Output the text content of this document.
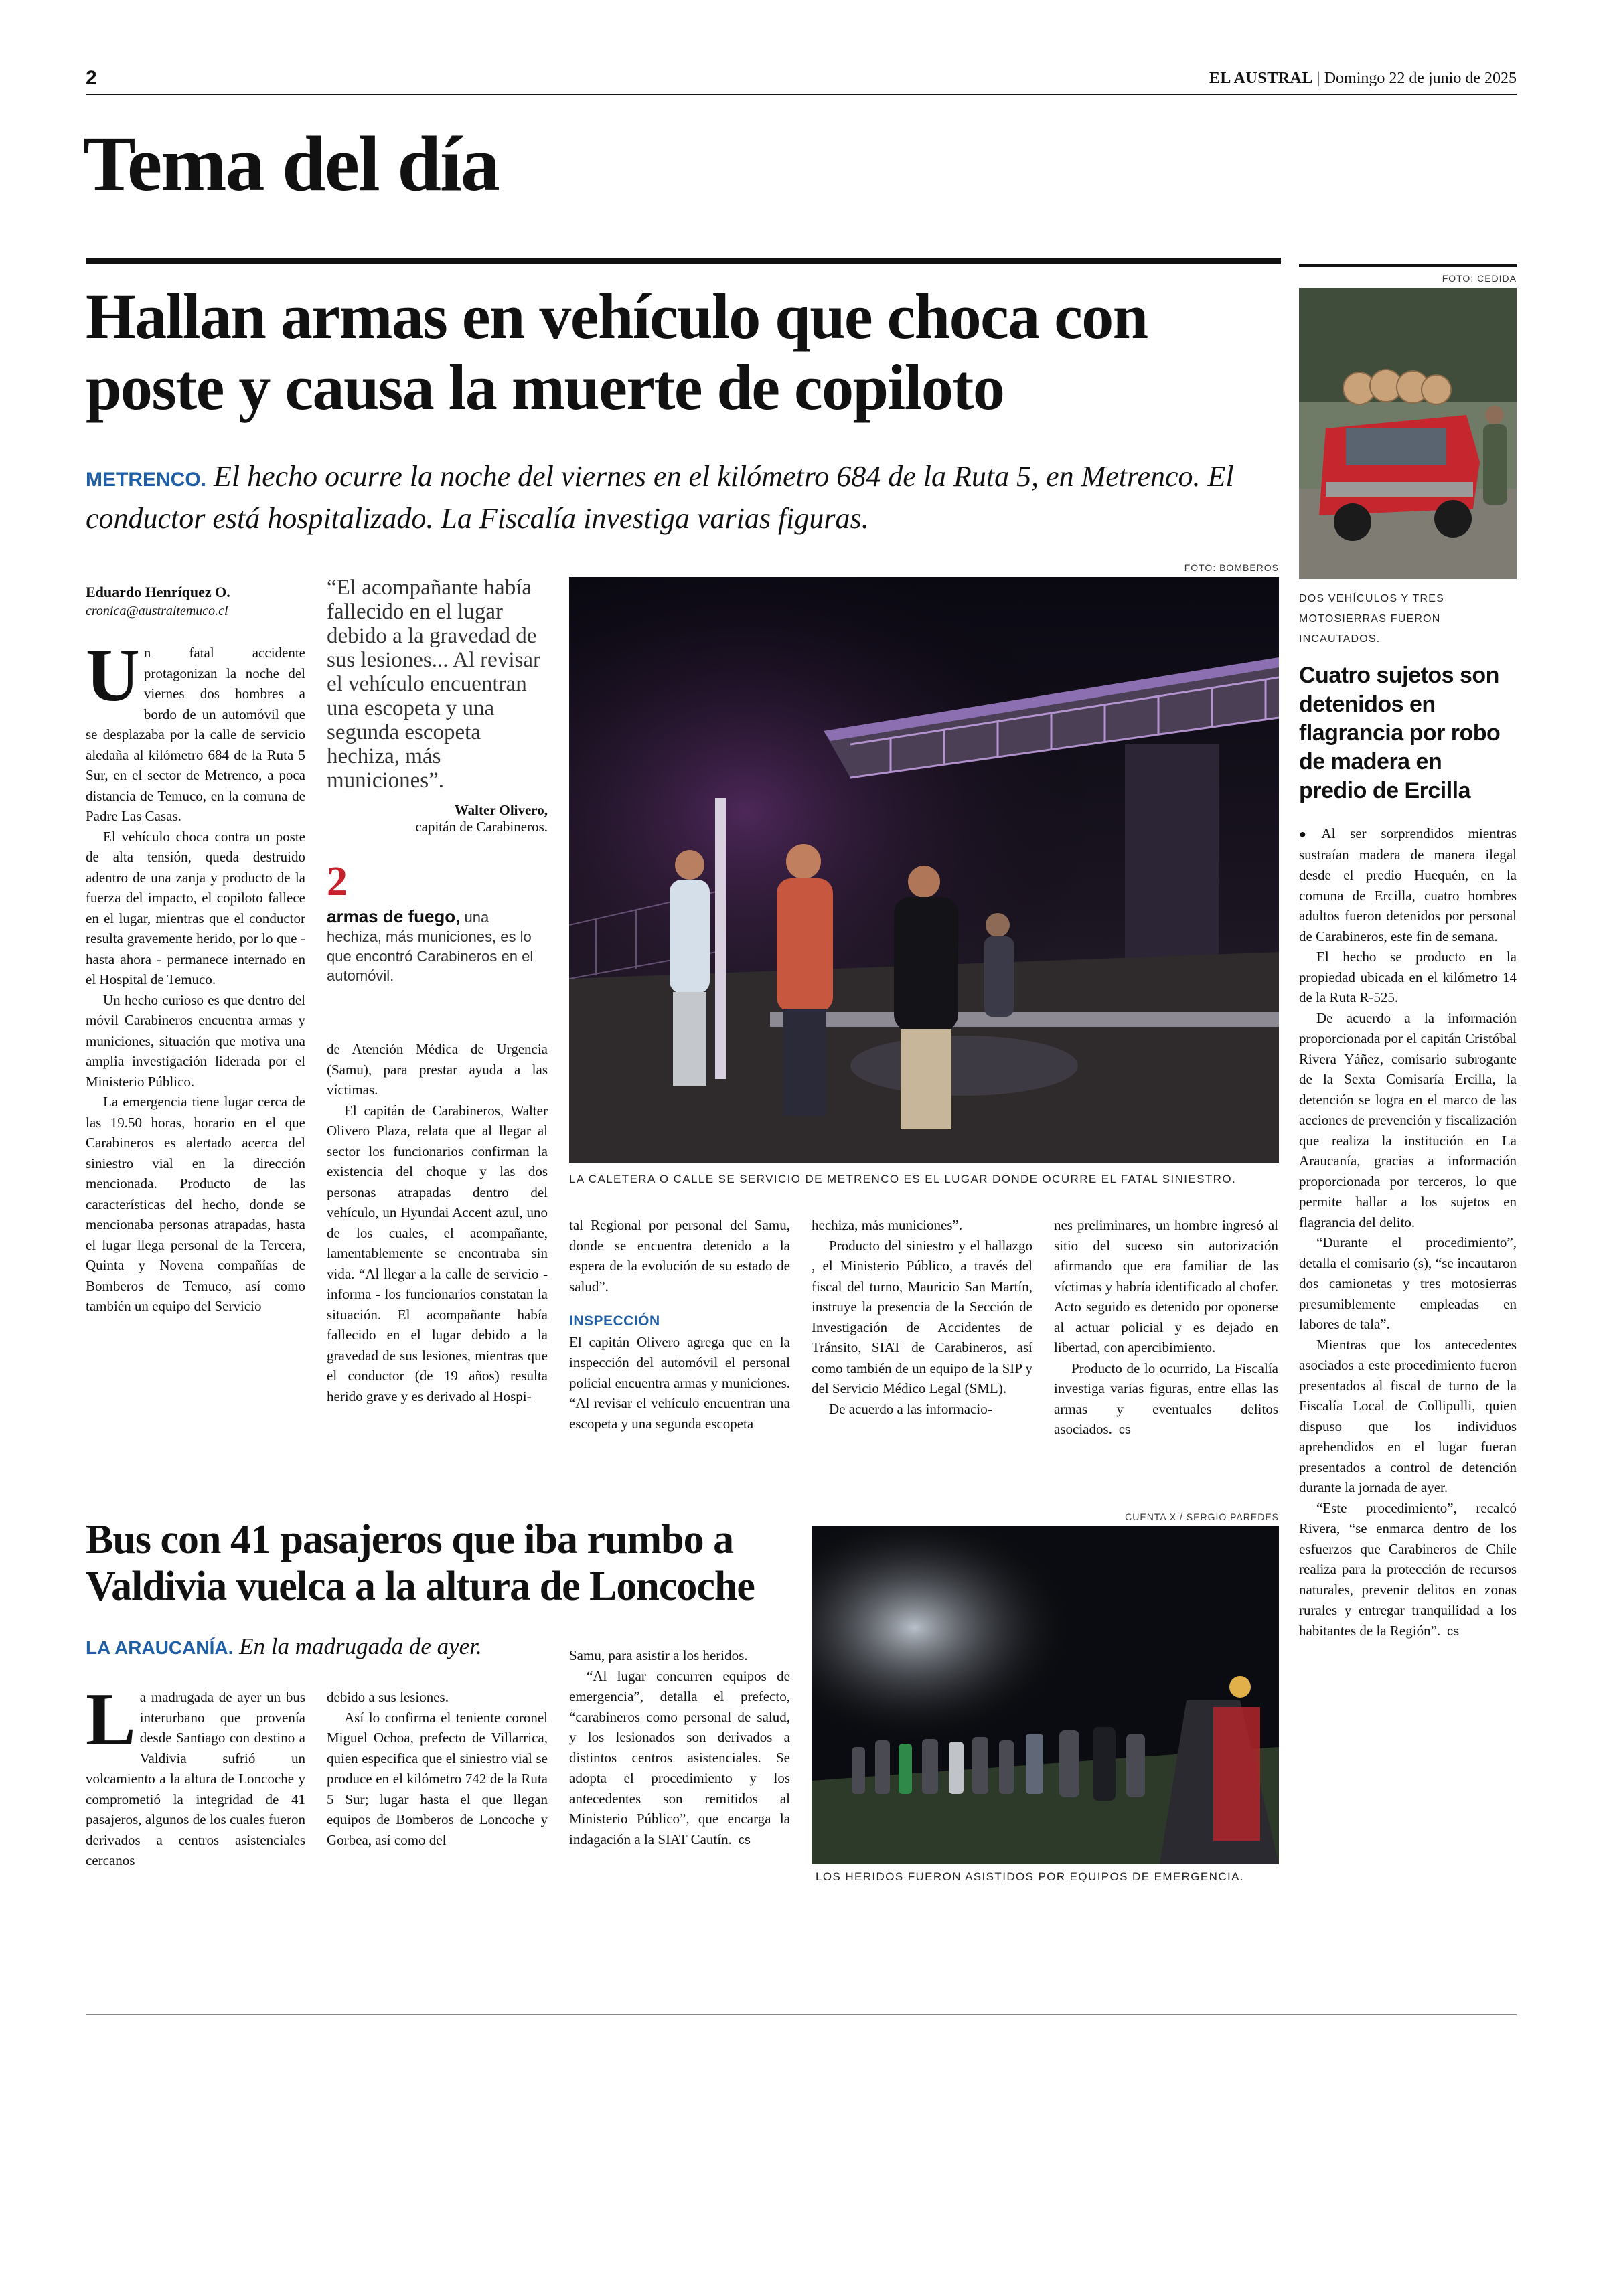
2	EL AUSTRAL | Domingo 22 de junio de 2025
Tema del día
Hallan armas en vehículo que choca con poste y causa la muerte de copiloto
METRENCO. El hecho ocurre la noche del viernes en el kilómetro 684 de la Ruta 5, en Metrenco. El conductor está hospitalizado. La Fiscalía investiga varias figuras.
Eduardo Henríquez O.
cronica@australtemuco.cl

Un fatal accidente protagonizan la noche del viernes dos hombres a bordo de un automóvil que se desplazaba por la calle de servicio aledaña al kilómetro 684 de la Ruta 5 Sur, en el sector de Metrenco, a poca distancia de Temuco, en la comuna de Padre Las Casas.

El vehículo choca contra un poste de alta tensión, queda destruido adentro de una zanja y producto de la fuerza del impacto, el copiloto fallece en el lugar, mientras que el conductor resulta gravemente herido, por lo que - hasta ahora - permanece internado en el Hospital de Temuco.

Un hecho curioso es que dentro del móvil Carabineros encuentra armas y municiones, situación que motiva una amplia investigación liderada por el Ministerio Público.

La emergencia tiene lugar cerca de las 19.50 horas, horario en el que Carabineros es alertado acerca del siniestro vial en la dirección mencionada. Producto de las características del hecho, donde se mencionaba personas atrapadas, hasta el lugar llega personal de la Tercera, Quinta y Novena compañías de Bomberos de Temuco, así como también un equipo del Servicio

“El acompañante había fallecido en el lugar debido a la gravedad de sus lesiones... Al revisar el vehículo encuentran una escopeta y una segunda escopeta hechiza, más municiones”.
Walter Olivero,
capitán de Carabineros.
2
armas de fuego, una hechiza, más municiones, es lo que encontró Carabineros en el automóvil.
FOTO: BOMBEROS
LA CALETERA O CALLE SE SERVICIO DE METRENCO ES EL LUGAR DONDE OCURRE EL FATAL SINIESTRO.

de Atención Médica de Urgencia (Samu), para prestar ayuda a las víctimas.

El capitán de Carabineros, Walter Olivero Plaza, relata que al llegar al sector los funcionarios confirman la existencia del choque y las dos personas atrapadas dentro del vehículo, un Hyundai Accent azul, uno de los cuales, el acompañante, lamentablemente se encontraba sin vida. “Al llegar a la calle de servicio - informa - los funcionarios constatan la situación. El acompañante había fallecido en el lugar debido a la gravedad de sus lesiones, mientras que el conductor (de 19 años) resulta herido grave y es derivado al Hospi-

tal Regional por personal del Samu, donde se encuentra detenido a la espera de la evolución de su estado de salud”.

INSPECCIÓN

El capitán Olivero agrega que en la inspección del automóvil el personal policial encuentra armas y municiones. “Al revisar el vehículo encuentran una escopeta y una segunda escopeta

hechiza, más municiones”.

Producto del siniestro y el hallazgo , el Ministerio Público, a través del fiscal del turno, Mauricio San Martín, instruye la presencia de la Sección de Investigación de Accidentes de Tránsito, SIAT de Carabineros, así como también de un equipo de la SIP y del Servicio Médico Legal (SML).

De acuerdo a las informacio-

nes preliminares, un hombre ingresó al sitio del suceso sin autorización afirmando que era familiar de las víctimas y habría identificado al chofer. Acto seguido es detenido por oponerse al actuar policial y es dejado en libertad, con apercibimiento.

Producto de lo ocurrido, La Fiscalía investiga varias figuras, entre ellas las armas y eventuales delitos asociados. cs

FOTO: CEDIDA
DOS VEHÍCULOS Y TRES MOTOSIERRAS FUERON INCAUTADOS.
Cuatro sujetos son detenidos en flagrancia por robo de madera en predio de Ercilla

● Al ser sorprendidos mientras sustraían madera de manera ilegal desde el predio Huequén, en la comuna de Ercilla, cuatro hombres adultos fueron detenidos por personal de Carabineros, este fin de semana.

El hecho se producto en la propiedad ubicada en el kilómetro 14 de la Ruta R-525.

De acuerdo a la información proporcionada por el capitán Cristóbal Rivera Yáñez, comisario subrogante de la Sexta Comisaría Ercilla, la detención se logra en el marco de las acciones de prevención y fiscalización que realiza la institución en La Araucanía, gracias a información proporcionada por terceros, lo que permite hallar a los sujetos en flagrancia del delito.

“Durante el procedimiento”, detalla el comisario (s), “se incautaron dos camionetas y tres motosierras presumiblemente empleadas en labores de tala”.

Mientras que los antecedentes asociados a este procedimiento fueron presentados al fiscal de turno de la Fiscalía Local de Collipulli, quien dispuso que los individuos aprehendidos en el lugar fueran presentados a control de detención durante la jornada de ayer.

“Este procedimiento”, recalcó Rivera, “se enmarca dentro de los esfuerzos que Carabineros de Chile realiza para la protección de recursos naturales, prevenir delitos en zonas rurales y entregar tranquilidad a los habitantes de la Región”. cs

Bus con 41 pasajeros que iba rumbo a Valdivia vuelca a la altura de Loncoche
LA ARAUCANÍA. En la madrugada de ayer.

La madrugada de ayer un bus interurbano que provenía desde Santiago con destino a Valdivia sufrió un volcamiento a la altura de Loncoche y comprometió la integridad de 41 pasajeros, algunos de los cuales fueron derivados a centros asistenciales cercanos

debido a sus lesiones.

Así lo confirma el teniente coronel Miguel Ochoa, prefecto de Villarrica, quien especifica que el siniestro vial se produce en el kilómetro 742 de la Ruta 5 Sur; lugar hasta el que llegan equipos de Bomberos de Loncoche y Gorbea, así como del

Samu, para asistir a los heridos.

“Al lugar concurren equipos de emergencia”, detalla el prefecto, “carabineros como personal de salud, y los lesionados son derivados a distintos centros asistenciales. Se adopta el procedimiento y los antecedentes son remitidos al Ministerio Público”, que encarga la indagación a la SIAT Cautín. cs

CUENTA X / SERGIO PAREDES
LOS HERIDOS FUERON ASISTIDOS POR EQUIPOS DE EMERGENCIA.
